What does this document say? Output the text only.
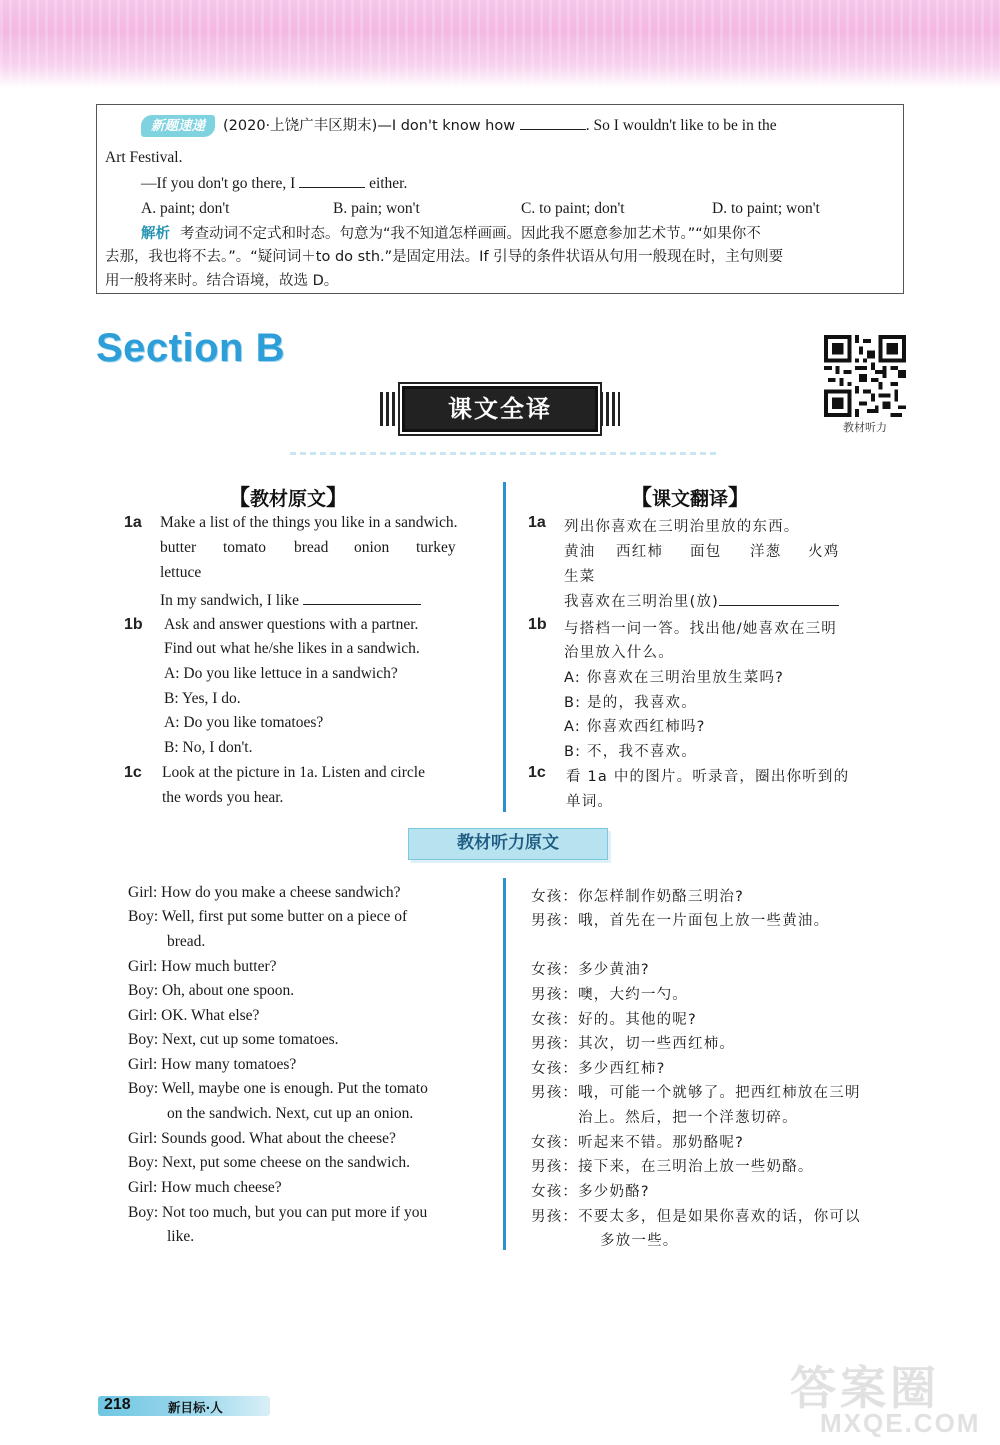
新题速递 (2020·上饶广丰区期末)—I don't know how	. So I wouldn't like to be in the
Art Festival.
—If you don't go there, I	either.
A. paint; don't	B. pain; won't	C. to paint; don't	D. to paint; won't
解析 考查动词不定式和时态。句意为“我不知道怎样画画。因此我不愿意参加艺术节。”“如果你不
去那，我也将不去。”。“疑问词＋to do sth.”是固定用法。If 引导的条件状语从句用一般现在时，主句则要
用一般将来时。结合语境，故选 D。
Section B
教材听力
课文全译
【教材原文】	【课文翻译】
1a Make a list of the things you like in a sandwich.
butter tomato bread onion turkey
lettuce
In my sandwich, I like
1b Ask and answer questions with a partner.
Find out what he/she likes in a sandwich.
A: Do you like lettuce in a sandwich?
B: Yes, I do.
A: Do you like tomatoes?
B: No, I don't.
1c Look at the picture in 1a. Listen and circle
the words you hear.
1a 列出你喜欢在三明治里放的东西。
黄油 西红柿 面包 洋葱 火鸡
生菜
我喜欢在三明治里(放)
1b 与搭档一问一答。找出他/她喜欢在三明
治里放入什么。
A: 你喜欢在三明治里放生菜吗?
B: 是的，我喜欢。
A: 你喜欢西红柿吗?
B: 不，我不喜欢。
1c 看 1a 中的图片。听录音，圈出你听到的
单词。
教材听力原文
Girl: How do you make a cheese sandwich?
Boy: Well, first put some butter on a piece of
bread.
Girl: How much butter?
Boy: Oh, about one spoon.
Girl: OK. What else?
Boy: Next, cut up some tomatoes.
Girl: How many tomatoes?
Boy: Well, maybe one is enough. Put the tomato
on the sandwich. Next, cut up an onion.
Girl: Sounds good. What about the cheese?
Boy: Next, put some cheese on the sandwich.
Girl: How much cheese?
Boy: Not too much, but you can put more if you
like.
女孩：你怎样制作奶酪三明治?
男孩：哦，首先在一片面包上放一些黄油。
女孩：多少黄油?
男孩：噢，大约一勺。
女孩：好的。其他的呢?
男孩：其次，切一些西红柿。
女孩：多少西红柿?
男孩：哦，可能一个就够了。把西红柿放在三明
治上。然后，把一个洋葱切碎。
女孩：听起来不错。那奶酪呢?
男孩：接下来，在三明治上放一些奶酪。
女孩：多少奶酪?
男孩：不要太多，但是如果你喜欢的话，你可以
多放一些。
218	新目标·人	答案圈
MXQE.COM
